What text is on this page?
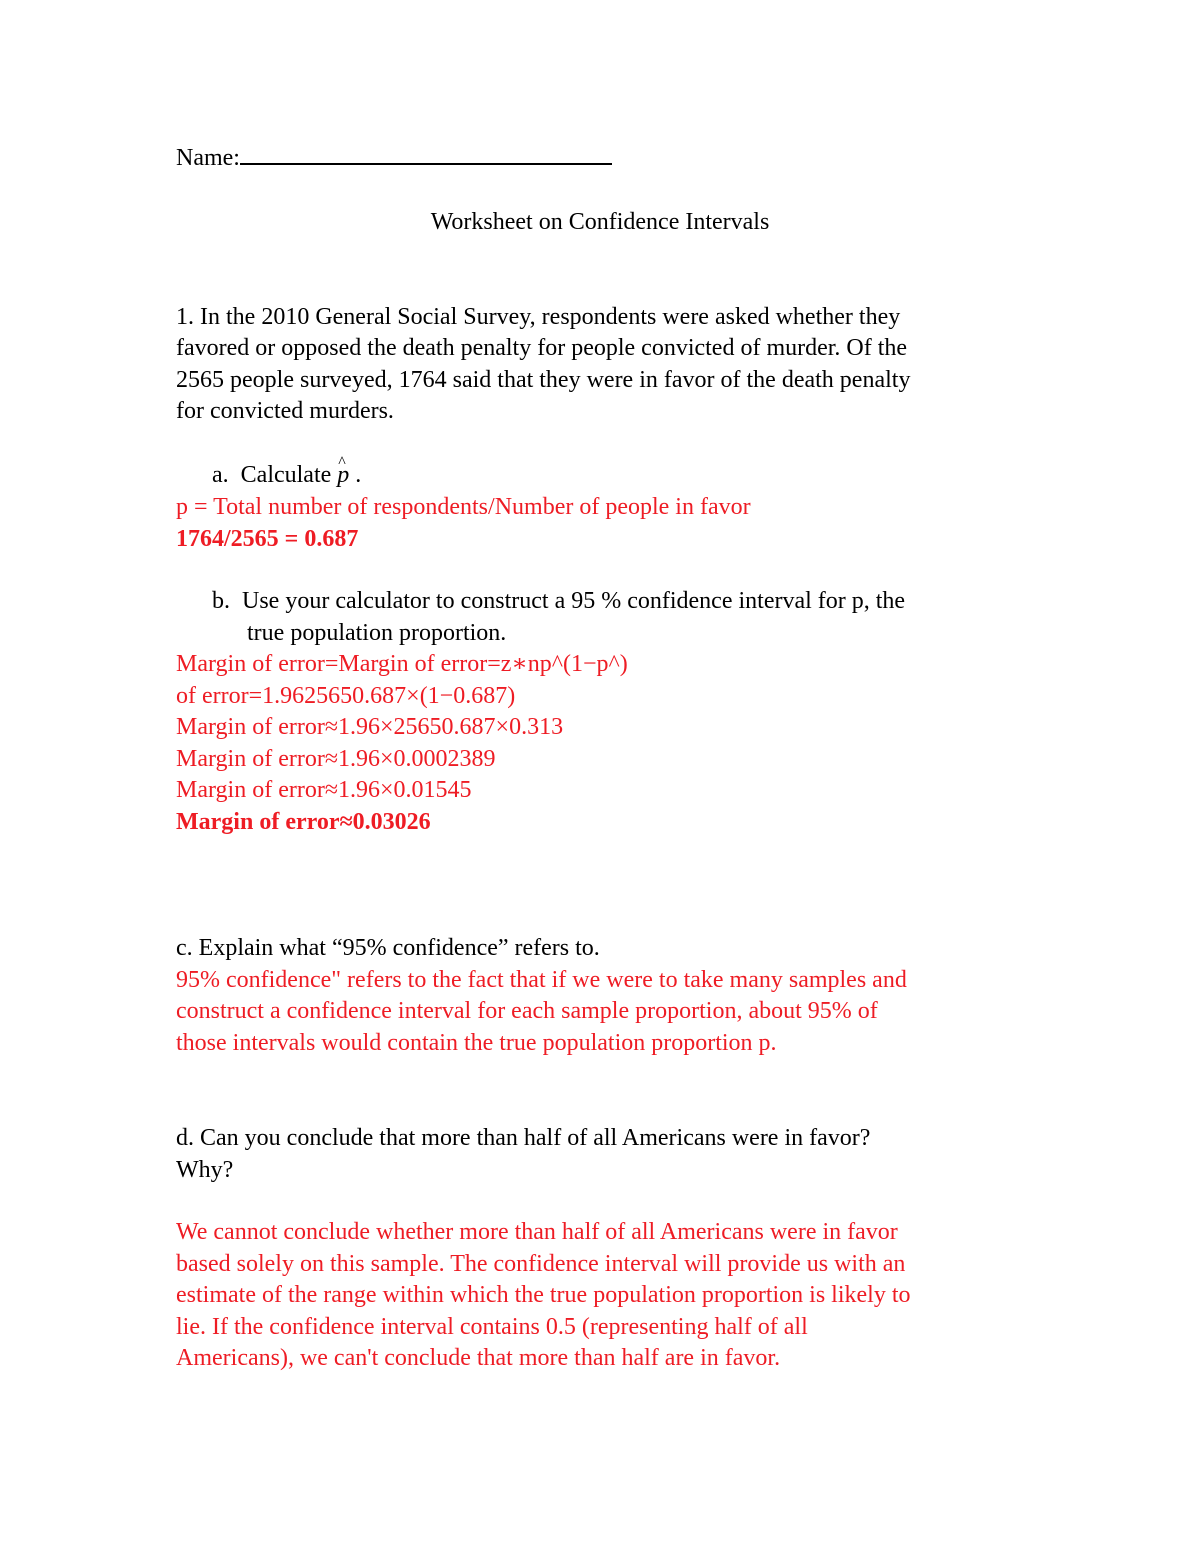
Name:
Worksheet on Confidence Intervals
1. In the 2010 General Social Survey, respondents were asked whether they
favored or opposed the death penalty for people convicted of murder. Of the
2565 people surveyed, 1764 said that they were in favor of the death penalty
for convicted murders.
a. Calculate^ p .
p = Total number of respondents/Number of people in favor
1764/2565 = 0.687
b. Use your calculator to construct a 95 % confidence interval for p, the
true population proportion.
Margin of error=Margin of error=z∗np^(1−p^)
of error=1.9625650.687×(1−0.687)
Margin of error≈1.96×25650.687×0.313
Margin of error≈1.96×0.0002389
Margin of error≈1.96×0.01545
Margin of error≈0.03026
c. Explain what “95% confidence” refers to.
95% confidence" refers to the fact that if we were to take many samples and
construct a confidence interval for each sample proportion, about 95% of
those intervals would contain the true population proportion p.
d. Can you conclude that more than half of all Americans were in favor?
Why?
We cannot conclude whether more than half of all Americans were in favor
based solely on this sample. The confidence interval will provide us with an
estimate of the range within which the true population proportion is likely to
lie. If the confidence interval contains 0.5 (representing half of all
Americans), we can't conclude that more than half are in favor.
